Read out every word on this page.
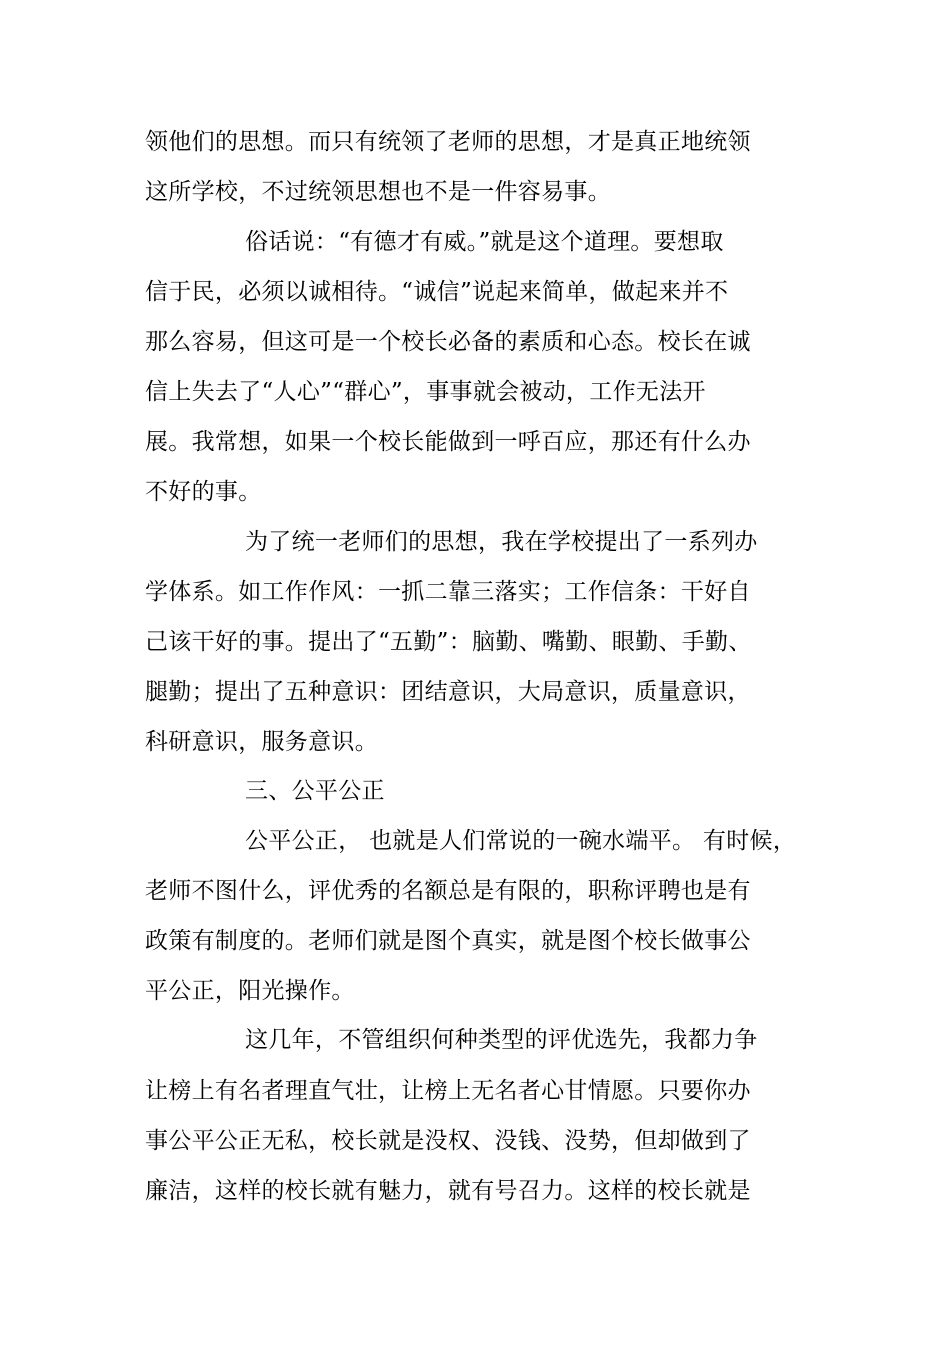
领他们的思想。而只有统领了老师的思想，才是真正地统领
这所学校，不过统领思想也不是一件容易事。
俗话说：“有德才有威。”就是这个道理。要想取
信于民，必须以诚相待。“诚信”说起来简单，做起来并不
那么容易，但这可是一个校长必备的素质和心态。校长在诚
信上失去了“人心”“群心”，事事就会被动，工作无法开
展。我常想，如果一个校长能做到一呼百应，那还有什么办
不好的事。
为了统一老师们的思想，我在学校提出了一系列办
学体系。如工作作风：一抓二靠三落实；工作信条：干好自
己该干好的事。提出了“五勤”：脑勤、嘴勤、眼勤、手勤、
腿勤；提出了五种意识：团结意识，大局意识，质量意识，
科研意识，服务意识。
三、公平公正
公平公正， 也就是人们常说的一碗水端平。 有时候，
老师不图什么，评优秀的名额总是有限的，职称评聘也是有
政策有制度的。老师们就是图个真实，就是图个校长做事公
平公正，阳光操作。
这几年，不管组织何种类型的评优选先，我都力争
让榜上有名者理直气壮，让榜上无名者心甘情愿。只要你办
事公平公正无私，校长就是没权、没钱、没势，但却做到了
廉洁，这样的校长就有魅力，就有号召力。这样的校长就是
